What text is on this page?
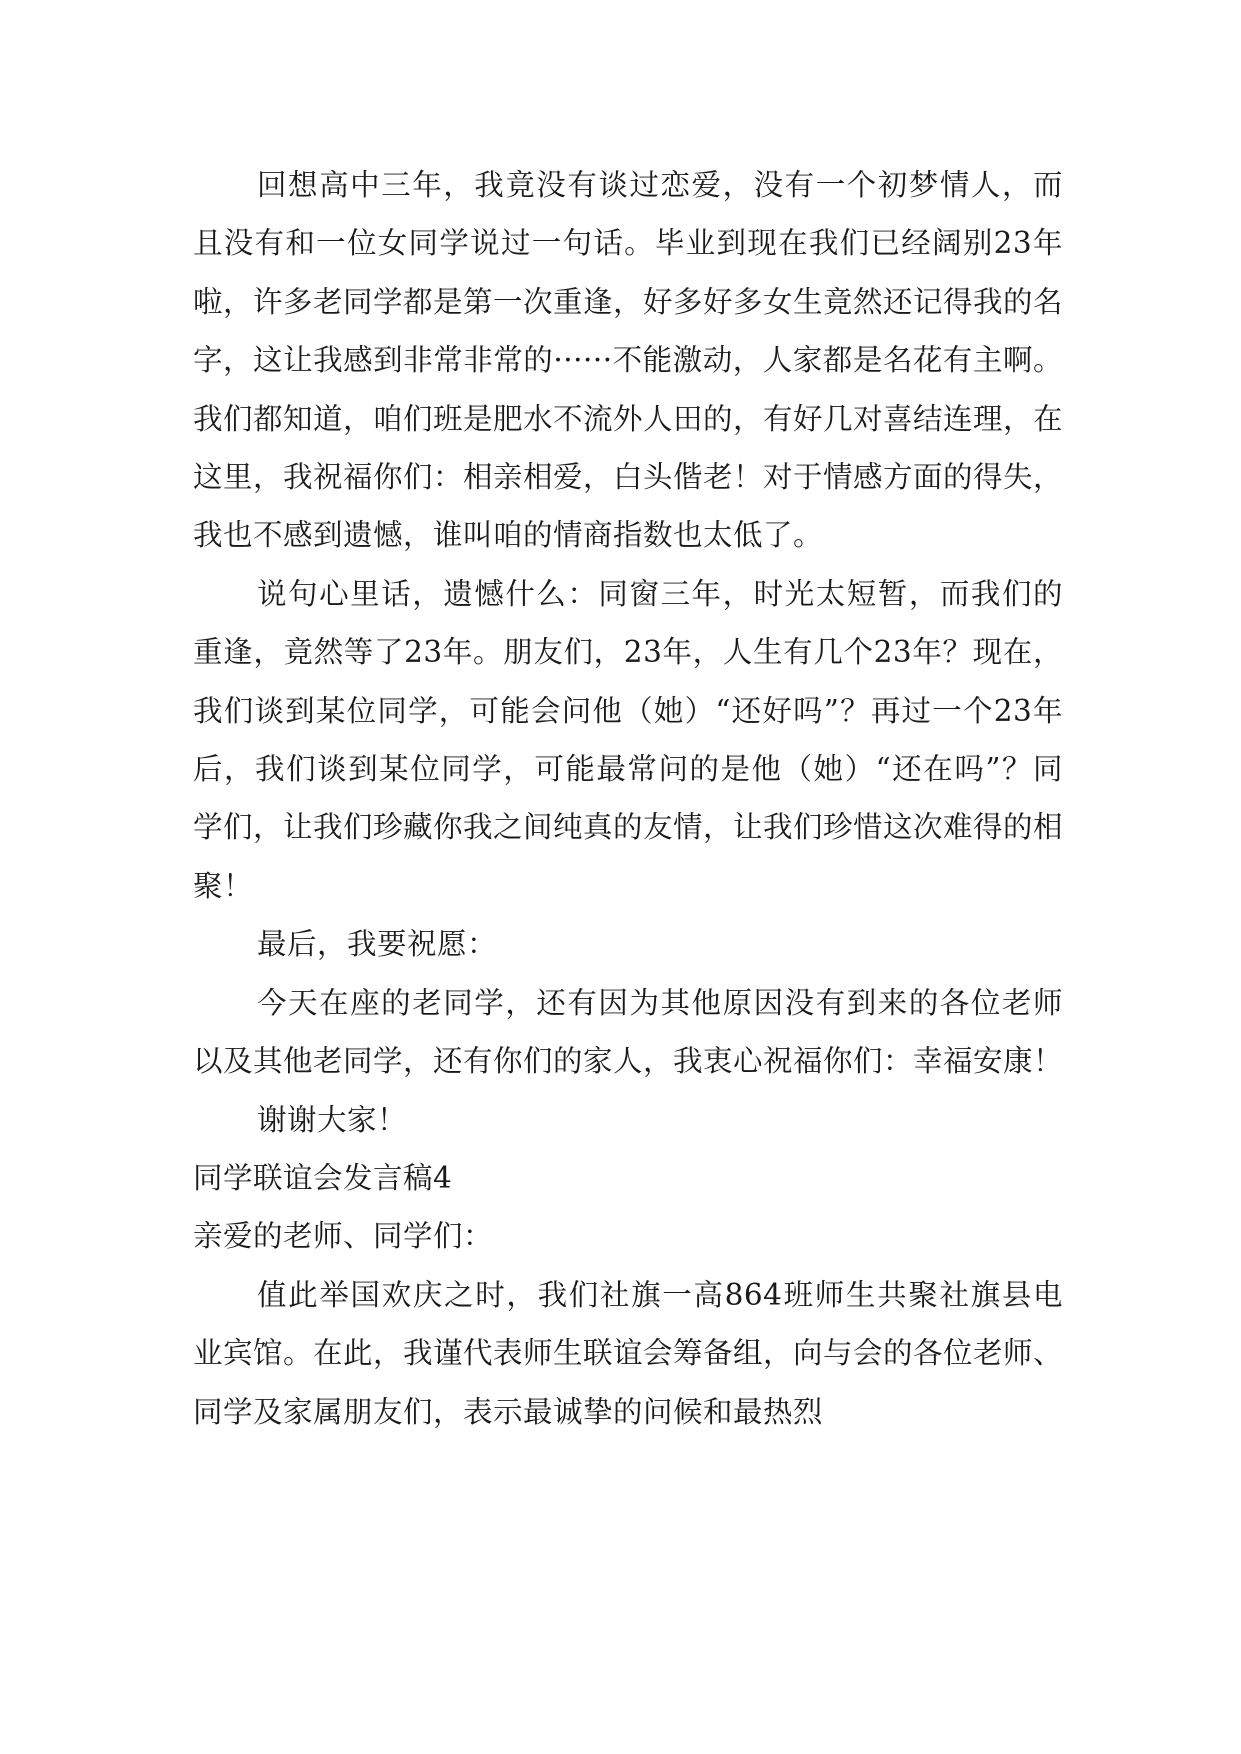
回想高中三年，我竟没有谈过恋爱，没有一个初梦情人，而且没有和一位女同学说过一句话。毕业到现在我们已经阔别23年啦，许多老同学都是第一次重逢，好多好多女生竟然还记得我的名字，这让我感到非常非常的······不能激动，人家都是名花有主啊。我们都知道，咱们班是肥水不流外人田的，有好几对喜结连理，在这里，我祝福你们：相亲相爱，白头偕老！对于情感方面的得失，我也不感到遗憾，谁叫咱的情商指数也太低了。

说句心里话，遗憾什么：同窗三年，时光太短暂，而我们的重逢，竟然等了23年。朋友们，23年，人生有几个23年？现在，我们谈到某位同学，可能会问他（她）“还好吗”？再过一个23年后，我们谈到某位同学，可能最常问的是他（她）“还在吗”？同学们，让我们珍藏你我之间纯真的友情，让我们珍惜这次难得的相聚！

最后，我要祝愿：

今天在座的老同学，还有因为其他原因没有到来的各位老师以及其他老同学，还有你们的家人，我衷心祝福你们：幸福安康！

谢谢大家！

同学联谊会发言稿4

亲爱的老师、同学们：

值此举国欢庆之时，我们社旗一高864班师生共聚社旗县电业宾馆。在此，我谨代表师生联谊会筹备组，向与会的各位老师、同学及家属朋友们，表示最诚挚的问候和最热烈
